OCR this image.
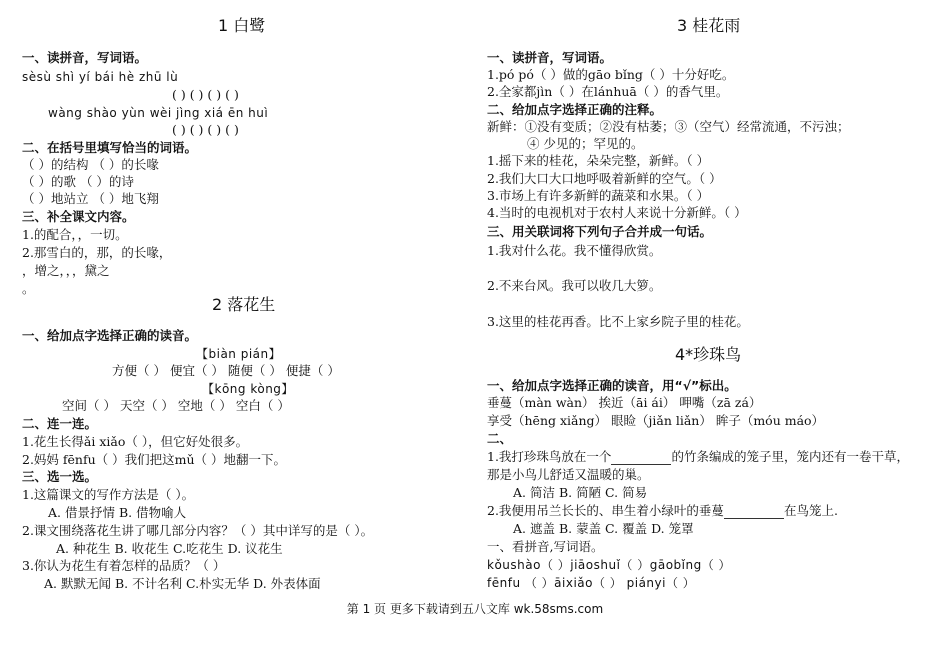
1 白鹭
一、读拼音，写词语。
sèsù shì yí bái hè zhū lù
( ) ( ) ( ) ( )
wàng shào yùn wèi jìng xiá ēn huì
( ) ( ) ( ) ( )
二、在括号里填写恰当的词语。
（ ）的结构 （ ）的长喙
（ ）的歌 （ ）的诗
（ ）地站立 （ ）地飞翔
三、补全课文内容。
1.的配合，，一切。
2.那雪白的，那，的长喙，
，增之，，，黛之
。
2 落花生
一、给加点字选择正确的读音。
【biàn pián】
方便（ ） 便宜（ ） 随便（ ） 便捷（ ）
【kōng kòng】
空间（ ） 天空（ ） 空地（ ） 空白（ ）
二、连一连。
1.花生长得ǎi xiǎo（ ），但它好处很多。
2.妈妈 fēnfu（ ）我们把这mǔ（ ）地翻一下。
三、选一选。
1.这篇课文的写作方法是（ ）。
A. 借景抒情 B. 借物喻人
2.课文围绕落花生讲了哪几部分内容？（ ）其中详写的是（ ）。
A. 种花生 B. 收花生 C.吃花生 D. 议花生
3.你认为花生有着怎样的品质？（ ）
A. 默默无闻 B. 不计名利 C.朴实无华 D. 外表体面
3 桂花雨
一、读拼音，写词语。
1.pó pó（ ）做的gāo bǐng（ ）十分好吃。
2.全家都jìn（ ）在lánhuā（ ）的香气里。
二、给加点字选择正确的注释。
新鲜：①没有变质；②没有枯萎；③（空气）经常流通，不污浊；
④ 少见的；罕见的。
1.摇下来的桂花，朵朵完整，新鲜。（ ）
2.我们大口大口地呼吸着新鲜的空气。（ ）
3.市场上有许多新鲜的蔬菜和水果。（ ）
4.当时的电视机对于农村人来说十分新鲜。（ ）
三、用关联词将下列句子合并成一句话。
1.我对什么花。我不懂得欣赏。
2.不来台风。我可以收几大箩。
3.这里的桂花再香。比不上家乡院子里的桂花。
4*珍珠鸟
一、给加点字选择正确的读音，用“√”标出。
垂蔓（màn wàn） 挨近（āi ái） 呷嘴（zā zá）
享受（hēng xiǎng） 眼睑（jiǎn liǎn） 眸子（móu máo）
二、
1.我打珍珠鸟放在一个	的竹条编成的笼子里，笼内还有一卷干草，
那是小鸟儿舒适又温暖的巢。
A. 简洁 B. 简陋 C. 简易
2.我便用吊兰长长的、串生着小绿叶的垂蔓	在鸟笼上.
A. 遮盖 B. 蒙盖 C. 覆盖 D. 笼罩
一、看拼音,写词语。
kǒushào（ ）jiāoshuǐ（ ）gāobǐng（ ）
fēnfu （ ）āixiǎo（ ） piányi（ ）
第 1 页 更多下载请到五八文库 wk.58sms.com
